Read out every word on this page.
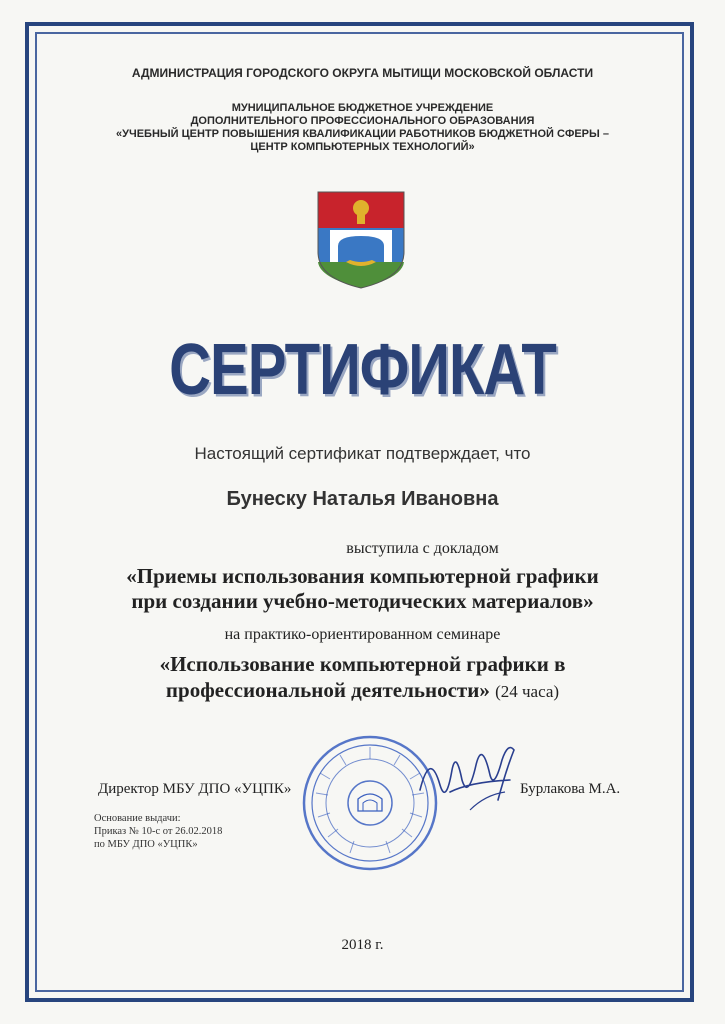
АДМИНИСТРАЦИЯ ГОРОДСКОГО ОКРУГА МЫТИЩИ МОСКОВСКОЙ ОБЛАСТИ
МУНИЦИПАЛЬНОЕ БЮДЖЕТНОЕ УЧРЕЖДЕНИЕ
ДОПОЛНИТЕЛЬНОГО ПРОФЕССИОНАЛЬНОГО ОБРАЗОВАНИЯ
«УЧЕБНЫЙ ЦЕНТР ПОВЫШЕНИЯ КВАЛИФИКАЦИИ РАБОТНИКОВ БЮДЖЕТНОЙ СФЕРЫ –
ЦЕНТР КОМПЬЮТЕРНЫХ ТЕХНОЛОГИЙ»
СЕРТИФИКАТ
Настоящий сертификат подтверждает, что
Бунеску Наталья Ивановна
выступила с докладом
«Приемы использования компьютерной графики
при создании учебно-методических материалов»
на практико-ориентированном семинаре
«Использование компьютерной графики в
профессиональной деятельности» (24 часа)
Директор МБУ ДПО «УЦПК»	Бурлакова М.А.
Основание выдачи:
Приказ № 10-с от 26.02.2018
по МБУ ДПО «УЦПК»
2018 г.
